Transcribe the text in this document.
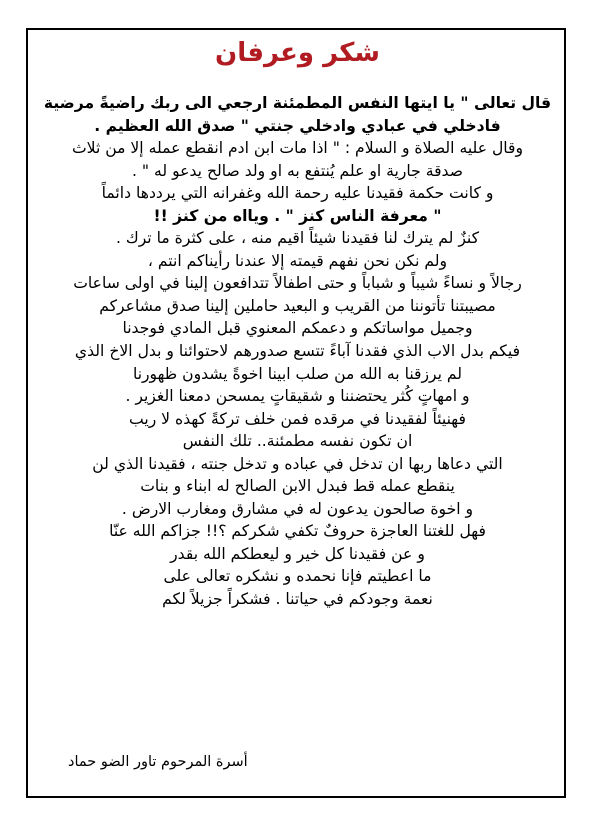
شكر وعرفان
قال تعالى " يا ايتها النفس المطمئنة ارجعي الى ربك راضيةً مرضية
فادخلي في عبادي وادخلي جنتي " صدق الله العظيم .
وقال عليه الصلاة و السلام : " اذا مات ابن ادم انقطع عمله إلا من ثلاث
صدقة جارية او علم يُنتفع به او ولد صالح يدعو له " .
و كانت حكمة فقيدنا عليه رحمة الله وغفرانه التي يرددها دائماً
" معرفة الناس كنز " . ويااه من كنز !!
كنزٌ لم يترك لنا فقيدنا شيئاً اقيم منه ، على كثرة ما ترك .
ولم نكن نحن نفهم قيمته إلا عندنا رأيناكم انتم ،
رجالاً و نساءً شيباً و شباباً و حتى اطفالاً تتدافعون إلينا في اولى ساعات
مصيبتنا تأتوننا من القريب و البعيد حاملين إلينا صدق مشاعركم
وجميل مواساتكم و دعمكم المعنوي قبل المادي فوجدنا
فيكم بدل الاب الذي فقدنا آباءً تتسع صدورهم لاحتوائنا و بدل الاخ الذي
لم يرزقنا به الله من صلب ابينا اخوةً يشدون ظهورنا
و امهاتٍ كُثر يحتضننا و شقيقاتٍ يمسحن دمعنا الغزير .
فهنيئاً لفقيدنا في مرقده فمن خلف تركةً كهذه لا ريب
ان تكون نفسه مطمئنة.. تلك النفس
التي دعاها ربها ان تدخل في عباده و تدخل جنته ، فقيدنا الذي لن
ينقطع عمله قط فبدل الابن الصالح له ابناء و بنات
و اخوة صالحون يدعون له في مشارق ومغارب الارض .
فهل للغتنا العاجزة حروفٌ تكفي شكركم ؟!! جزاكم الله عنّا
و عن فقيدنا كل خير و ليعطكم الله بقدر
ما اعطيتم فإنا نحمده و نشكره تعالى على
نعمة وجودكم في حياتنا . فشكراً جزيلاً لكم
أسرة المرحوم تاور الضو حماد
